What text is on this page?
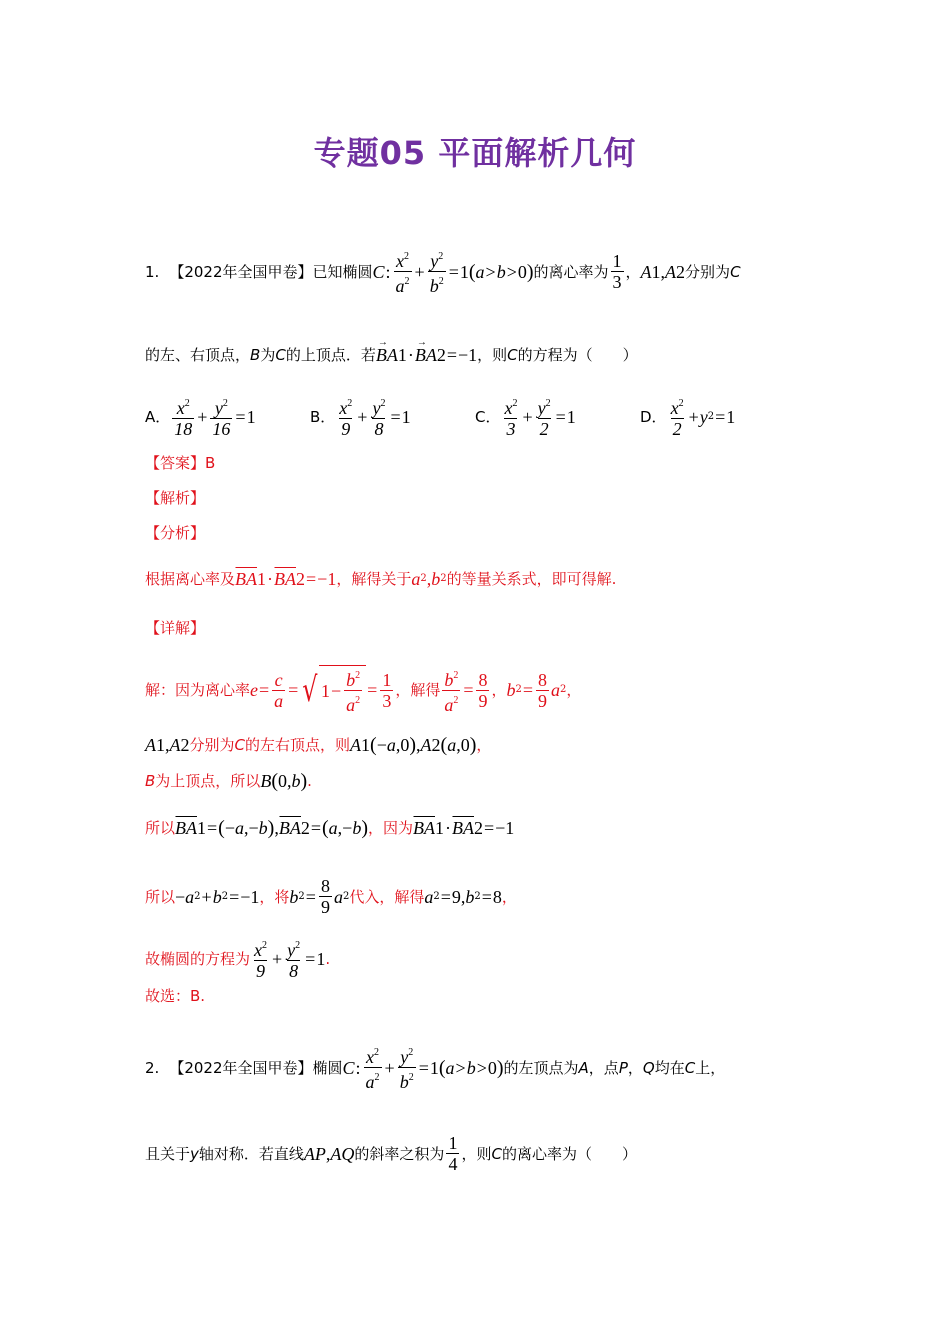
专题05 平面解析几何
1. 【2022年全国甲卷】 已知椭圆 C : $\frac{x^2}{a^2} + \frac{y^2}{b^2} = 1$ ( a > b > 0 ) 的离心率为 $\frac{1}{3}$ ， A 1 , A 2 分别为 C
的左、右顶点， B 为 C 的上顶点．若 → B A 1 · → B A 2 = −1 ，则 C 的方程为（　　）
A． $\frac{x^2}{18} + \frac{y^2}{16} = 1$	B． $\frac{x^2}{9} + \frac{y^2}{8} = 1$	C． $\frac{x^2}{3} + \frac{y^2}{2} = 1$	D． $\frac{x^2}{2} + y$ 2 = 1
【答案】 B
【解析】
【分析】
根据离心率及 BA 1 · BA 2 = −1 ，解得关于 a 2 , b 2 的等量关系式，即可得解.
【详解】
解：因为离心率 $e = \frac{c}{a}$ = √ $1 - \frac{b^2}{a^2} = \frac{1}{3}$ ，解得 $\frac{b^2}{a^2} = \frac{8}{9}$ ， b $2 = \frac{8}{9}$ a 2 ，
A 1 , A 2 分别为 C 的左右顶点，则 A 1 ( − a ,0 ) , A 2 ( a ,0 ) ，
B 为上顶点，所以 B ( 0, b ) .
所以 BA 1 = ( − a ,− b ) , BA 2 = ( a ,− b ) ，因为 BA 1 · BA 2 = −1
所以 − a 2 + b 2 = −1 ，将 b $2 = \frac{8}{9}$ a 2 代入，解得 a 2 = 9, b 2 = 8 ，
故椭圆的方程为 $\frac{x^2}{9} + \frac{y^2}{8} = 1$ .
故选：B.
2. 【2022年全国甲卷】 椭圆 C : $\frac{x^2}{a^2} + \frac{y^2}{b^2} = 1$ ( a > b > 0 ) 的左顶点为 A ，点 P ， Q 均在 C 上，
且关于 y 轴对称．若直线 AP , AQ 的斜率之积为 $\frac{1}{4}$ ，则 C 的离心率为（　　）
